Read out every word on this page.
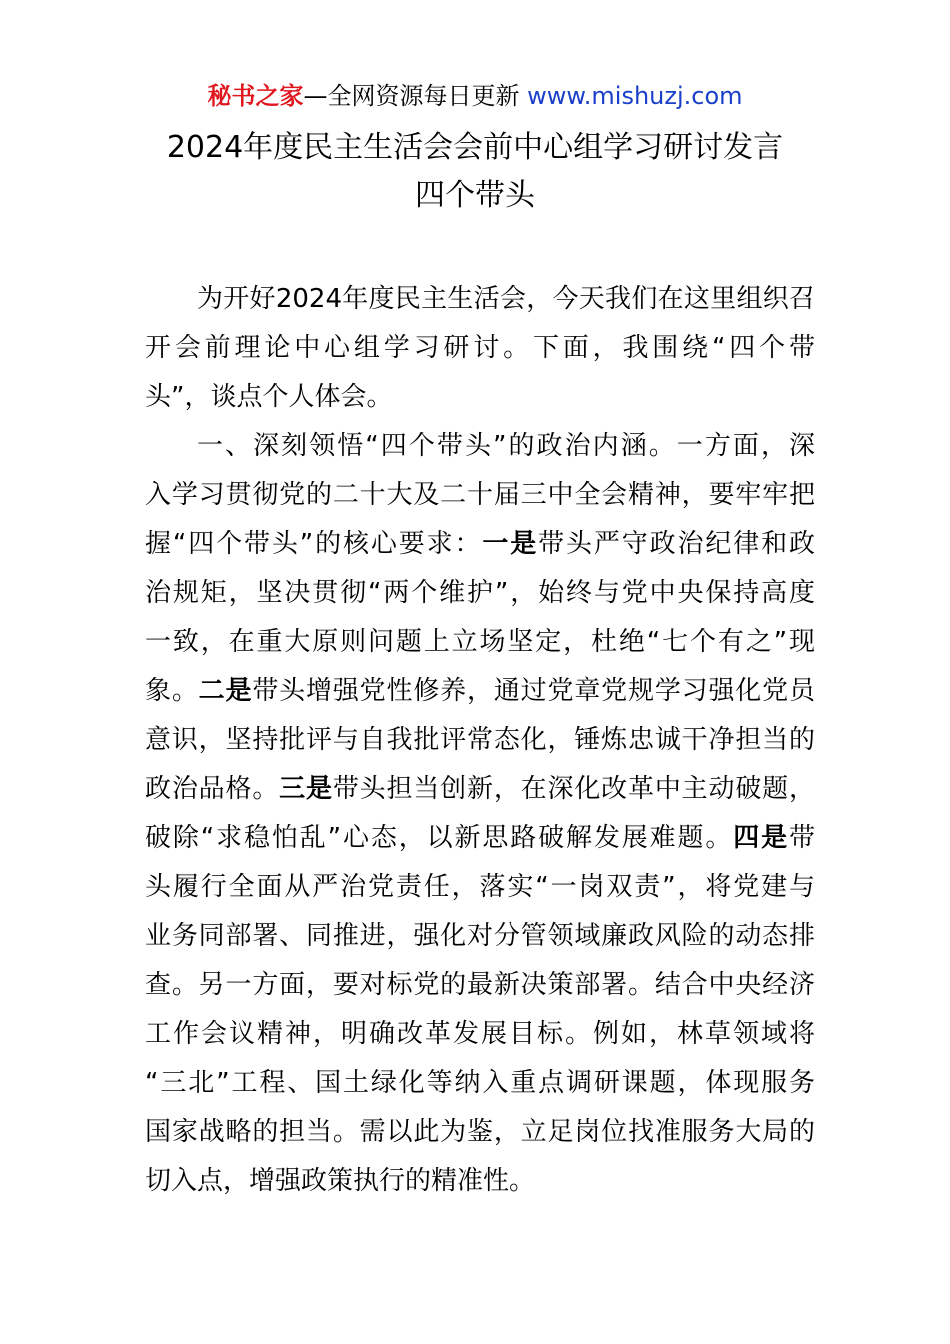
秘书之家—全网资源每日更新 www.mishuzj.com
2024年度民主生活会会前中心组学习研讨发言
四个带头
为开好2024年度民主生活会，今天我们在这里组织召
开会前理论中心组学习研讨。下面，我围绕“四个带
头”，谈点个人体会。
一、深刻领悟“四个带头”的政治内涵。一方面，深
入学习贯彻党的二十大及二十届三中全会精神，要牢牢把
握“四个带头”的核心要求：一是带头严守政治纪律和政
治规矩，坚决贯彻“两个维护”，始终与党中央保持高度
一致，在重大原则问题上立场坚定，杜绝“七个有之”现
象。二是带头增强党性修养，通过党章党规学习强化党员
意识，坚持批评与自我批评常态化，锤炼忠诚干净担当的
政治品格。三是带头担当创新，在深化改革中主动破题，
破除“求稳怕乱”心态，以新思路破解发展难题。四是带
头履行全面从严治党责任，落实“一岗双责”，将党建与
业务同部署、同推进，强化对分管领域廉政风险的动态排
查。另一方面，要对标党的最新决策部署。结合中央经济
工作会议精神，明确改革发展目标。例如，林草领域将
“三北”工程、国土绿化等纳入重点调研课题，体现服务
国家战略的担当。需以此为鉴，立足岗位找准服务大局的
切入点，增强政策执行的精准性。
